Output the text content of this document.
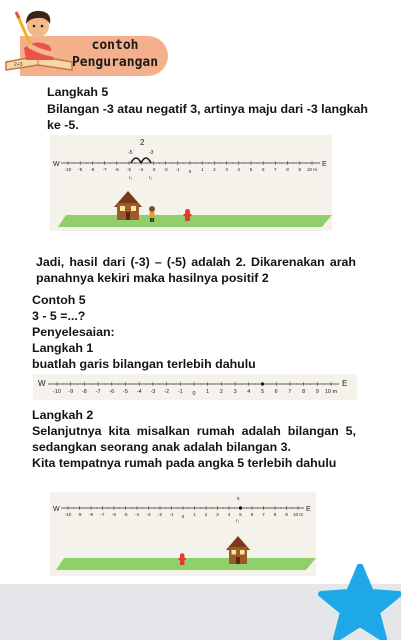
2+3
contoh
Pengurangan
Langkah 5
Bilangan -3 atau negatif 3, artinya maju dari -3 langkah ke -5.
W	E
-10 -9 -8 -7 -6 -5 -4 -3 -2 -1 0 1 2 3 4 5 6 7 8 9 10 m
2
-5	-3
r₁	r₁
Jadi, hasil dari (-3) – (-5) adalah 2. Dikarenakan arah panahnya kekiri maka hasilnya positif 2
Contoh 5
3 - 5 =...?
Penyelesaian:
Langkah 1
buatlah garis bilangan terlebih dahulu
W	E
-10 -9 -8 -7 -6 -5 -4 -3 -2 -1 0 1 2 3 4 5 6 7 8 9 10 m
Langkah 2
Selanjutnya kita misalkan rumah adalah bilangan 5, sedangkan seorang anak adalah bilangan 3.
Kita tempatnya rumah pada angka 5 terlebih dahulu
W	E
-10 -9 -8 -7 -6 -5 -4 -3 -2 -1 0 1 2 3 4 5 6 7 8 9 10 m
5
r₁
